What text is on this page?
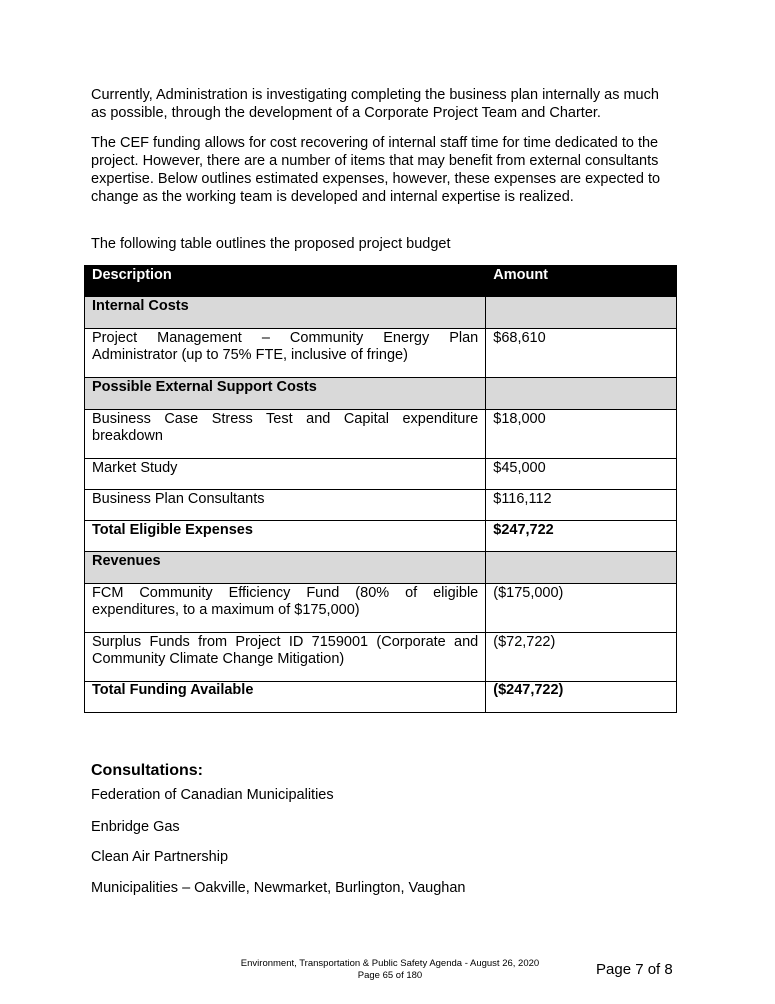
Currently, Administration is investigating completing the business plan internally as much as possible, through the development of a Corporate Project Team and Charter.

The CEF funding allows for cost recovering of internal staff time for time dedicated to the project. However, there are a number of items that may benefit from external consultants expertise. Below outlines estimated expenses, however, these expenses are expected to change as the working team is developed and internal expertise is realized.

The following table outlines the proposed project budget

Description	Amount
Internal Costs	
Project Management – Community Energy Plan Administrator (up to 75% FTE, inclusive of fringe)	$68,610
Possible External Support Costs	
Business Case Stress Test and Capital expenditure breakdown	$18,000
Market Study	$45,000
Business Plan Consultants	$116,112
Total Eligible Expenses	$247,722
Revenues	
FCM Community Efficiency Fund (80% of eligible expenditures, to a maximum of $175,000)	($175,000)
Surplus Funds from Project ID 7159001 (Corporate and Community Climate Change Mitigation)	($72,722)
Total Funding Available	($247,722)

Consultations:

Federation of Canadian Municipalities

Enbridge Gas

Clean Air Partnership

Municipalities – Oakville, Newmarket, Burlington, Vaughan

Environment, Transportation & Public Safety Agenda - August 26, 2020
Page 65 of 180	Page 7 of 8
